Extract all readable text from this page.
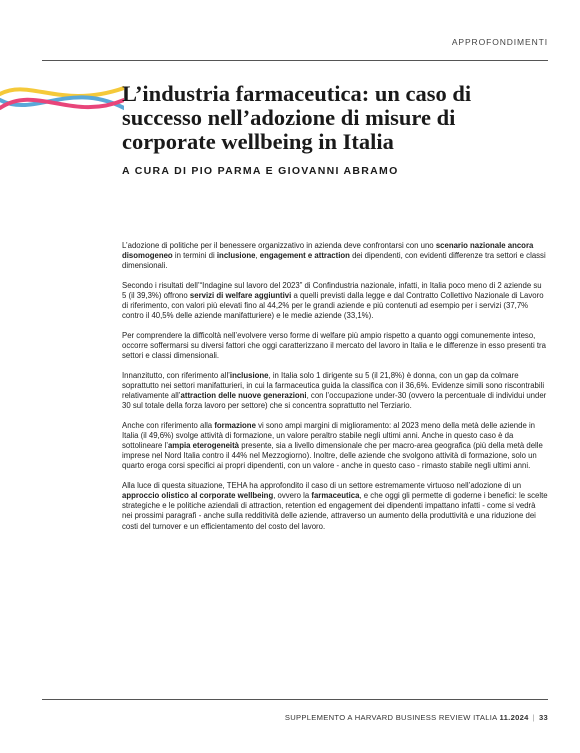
APPROFONDIMENTI
L’industria farmaceutica: un caso di successo nell’adozione di misure di corporate wellbeing in Italia
A CURA DI PIO PARMA E GIOVANNI ABRAMO

L’adozione di politiche per il benessere organizzativo in azienda deve confrontarsi con uno scenario nazionale ancora disomogeneo in termini di inclusione, engagement e attraction dei dipendenti, con evidenti differenze tra settori e classi dimensionali.

Secondo i risultati dell’“Indagine sul lavoro del 2023” di Confindustria nazionale, infatti, in Italia poco meno di 2 aziende su 5 (il 39,3%) offrono servizi di welfare aggiuntivi a quelli previsti dalla legge e dal Contratto Collettivo Nazionale di Lavoro di riferimento, con valori più elevati fino al 44,2% per le grandi aziende e più contenuti ad esempio per i servizi (37,7% contro il 40,5% delle aziende manifatturiere) e le medie aziende (33,1%).

Per comprendere la difficoltà nell’evolvere verso forme di welfare più ampio rispetto a quanto oggi comunemente inteso, occorre soffermarsi su diversi fattori che oggi caratterizzano il mercato del lavoro in Italia e le differenze in esso presenti tra settori e classi dimensionali.

Innanzitutto, con riferimento all’inclusione, in Italia solo 1 dirigente su 5 (il 21,8%) è donna, con un gap da colmare soprattutto nei settori manifatturieri, in cui la farmaceutica guida la classifica con il 36,6%. Evidenze simili sono riscontrabili relativamente all’attraction delle nuove generazioni, con l’occupazione under-30 (ovvero la percentuale di individui under 30 sul totale della forza lavoro per settore) che si concentra soprattutto nel Terziario.

Anche con riferimento alla formazione vi sono ampi margini di miglioramento: al 2023 meno della metà delle aziende in Italia (il 49,6%) svolge attività di formazione, un valore peraltro stabile negli ultimi anni. Anche in questo caso è da sottolineare l’ampia eterogeneità presente, sia a livello dimensionale che per macro-area geografica (più della metà delle imprese nel Nord Italia contro il 44% nel Mezzogiorno). Inoltre, delle aziende che svolgono attività di formazione, solo un quarto eroga corsi specifici ai propri dipendenti, con un valore - anche in questo caso - rimasto stabile negli ultimi anni.

Alla luce di questa situazione, TEHA ha approfondito il caso di un settore estremamente virtuoso nell’adozione di un approccio olistico al corporate wellbeing, ovvero la farmaceutica, e che oggi gli permette di goderne i benefici: le scelte strategiche e le politiche aziendali di attraction, retention ed engagement dei dipendenti impattano infatti - come si vedrà nei prossimi paragrafi - anche sulla redditività delle aziende, attraverso un aumento della produttività e una riduzione dei costi del turnover e un efficientamento del costo del lavoro.

SUPPLEMENTO A HARVARD BUSINESS REVIEW ITALIA 11.2024 | 33
